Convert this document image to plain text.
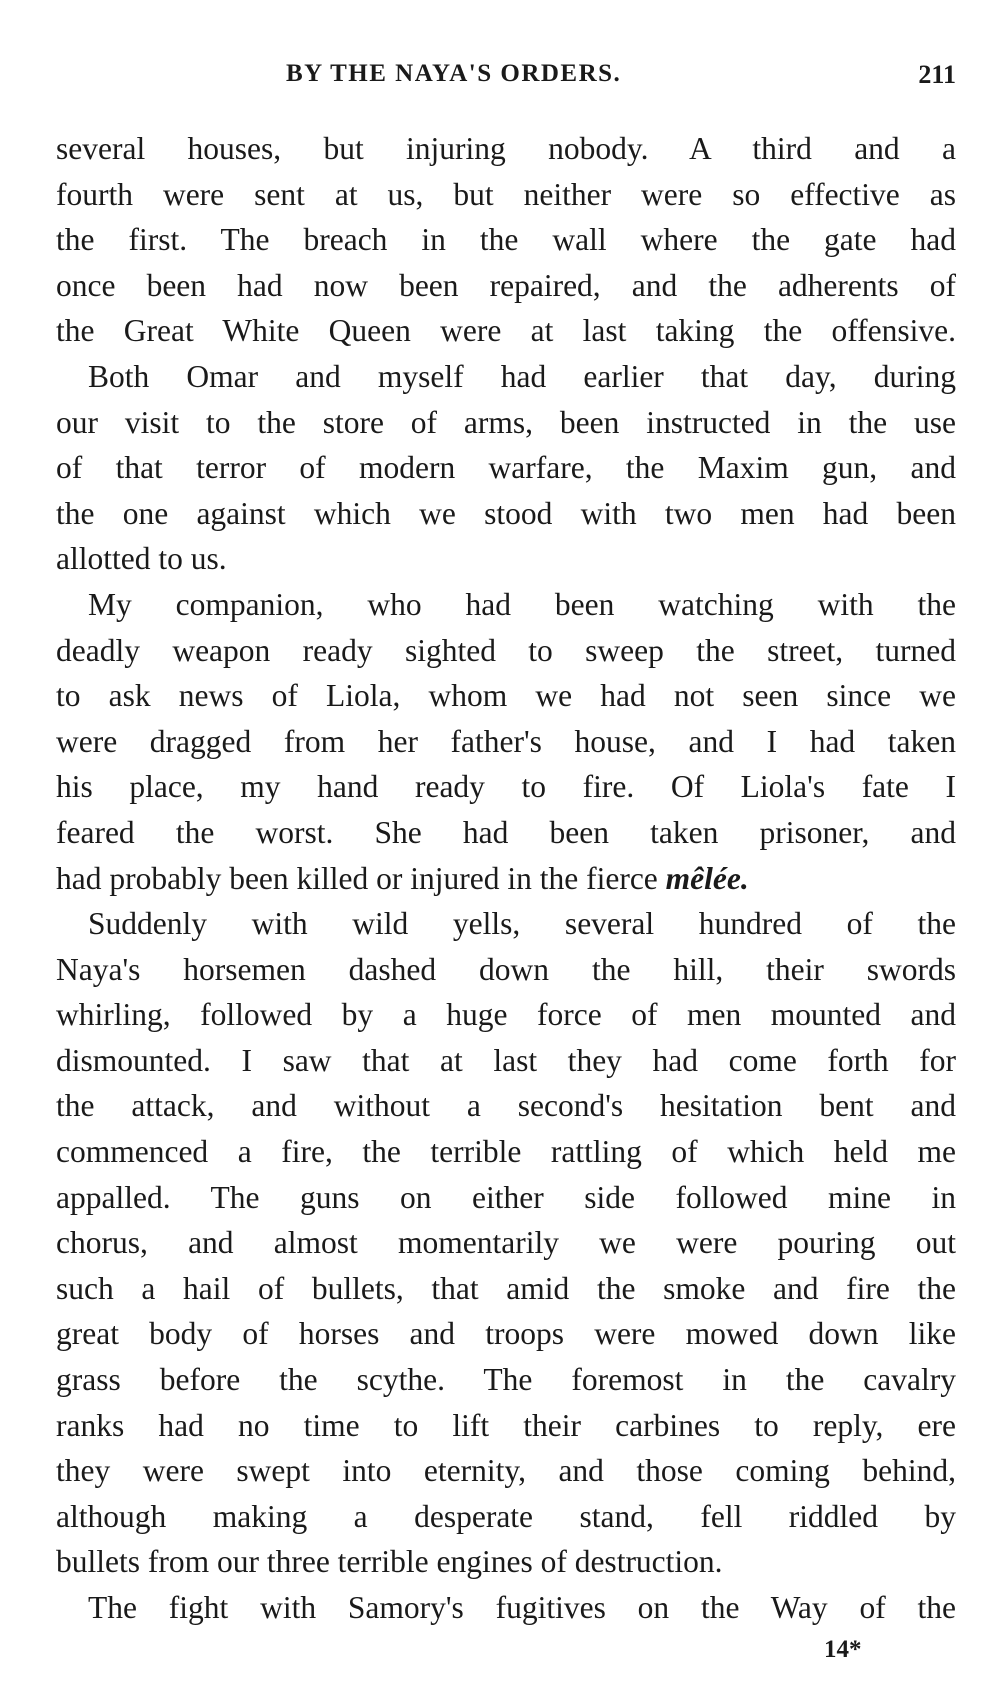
BY THE NAYA'S ORDERS.	211
several houses, but injuring nobody. A third and a
fourth were sent at us, but neither were so effective as
the first. The breach in the wall where the gate had
once been had now been repaired, and the adherents of
the Great White Queen were at last taking the offensive.
Both Omar and myself had earlier that day, during
our visit to the store of arms, been instructed in the use
of that terror of modern warfare, the Maxim gun, and
the one against which we stood with two men had been
allotted to us.
My companion, who had been watching with the
deadly weapon ready sighted to sweep the street, turned
to ask news of Liola, whom we had not seen since we
were dragged from her father's house, and I had taken
his place, my hand ready to fire. Of Liola's fate I
feared the worst. She had been taken prisoner, and
had probably been killed or injured in the fierce mêlée.
Suddenly with wild yells, several hundred of the
Naya's horsemen dashed down the hill, their swords
whirling, followed by a huge force of men mounted and
dismounted. I saw that at last they had come forth for
the attack, and without a second's hesitation bent and
commenced a fire, the terrible rattling of which held me
appalled. The guns on either side followed mine in
chorus, and almost momentarily we were pouring out
such a hail of bullets, that amid the smoke and fire the
great body of horses and troops were mowed down like
grass before the scythe. The foremost in the cavalry
ranks had no time to lift their carbines to reply, ere
they were swept into eternity, and those coming behind,
although making a desperate stand, fell riddled by
bullets from our three terrible engines of destruction.
The fight with Samory's fugitives on the Way of the
14*
